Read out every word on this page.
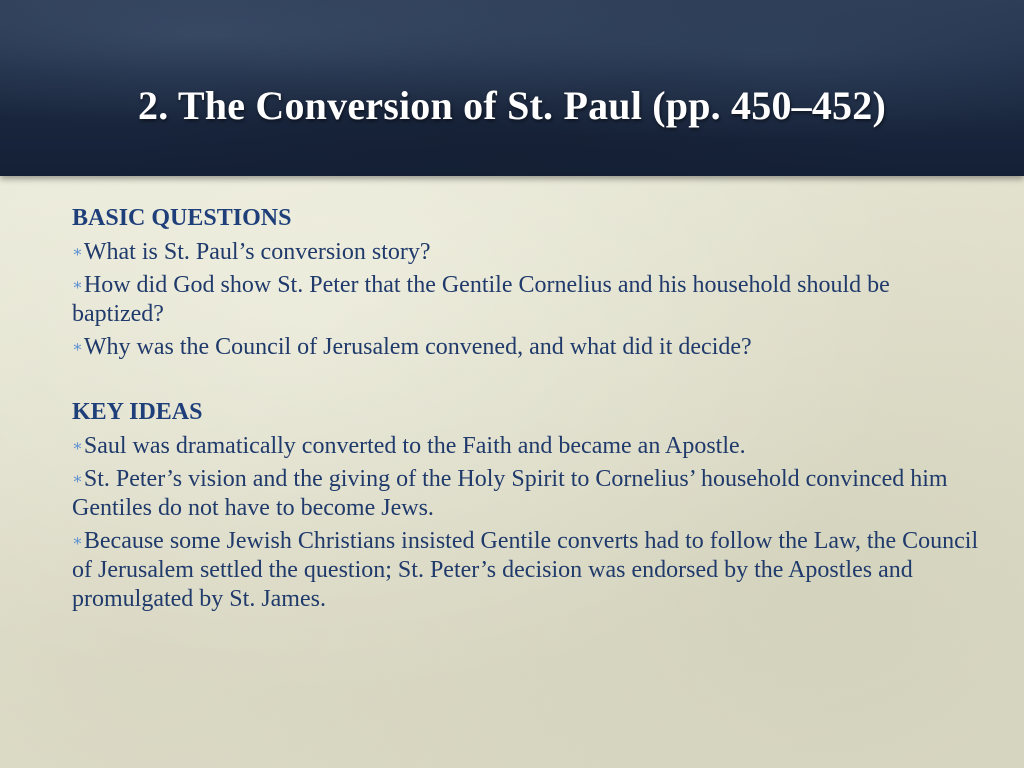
2. The Conversion of St. Paul (pp. 450–452)

BASIC QUESTIONS

∗What is St. Paul’s conversion story?

∗How did God show St. Peter that the Gentile Cornelius and his household should be baptized?

∗Why was the Council of Jerusalem convened, and what did it decide?

KEY IDEAS

∗Saul was dramatically converted to the Faith and became an Apostle.

∗St. Peter’s vision and the giving of the Holy Spirit to Cornelius’ household convinced him Gentiles do not have to become Jews.

∗Because some Jewish Christians insisted Gentile converts had to follow the Law, the Council of Jerusalem settled the question; St. Peter’s decision was endorsed by the Apostles and promulgated by St. James.
